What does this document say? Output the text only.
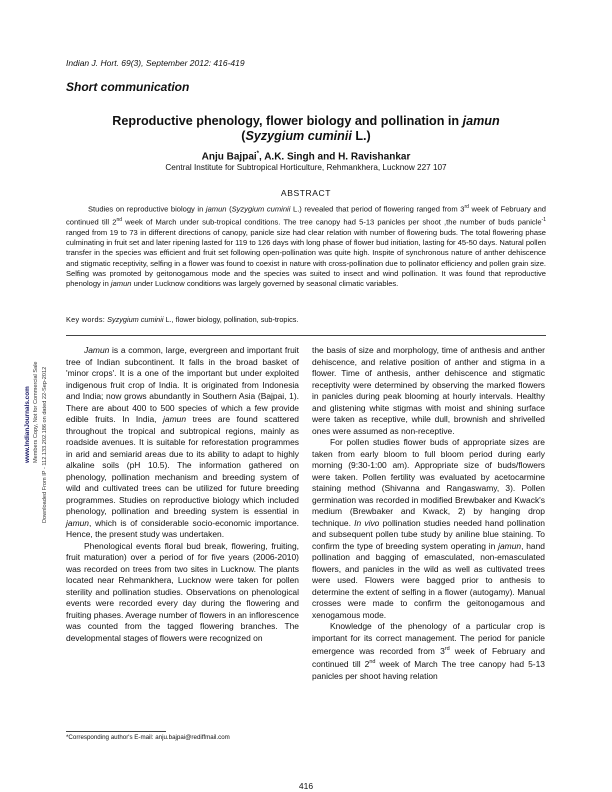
Indian J. Hort. 69(3), September 2012: 416-419
Short communication
Reproductive phenology, flower biology and pollination in jamun
(Syzygium cuminii L.)
Anju Bajpai*, A.K. Singh and H. Ravishankar
Central Institute for Subtropical Horticulture, Rehmankhera, Lucknow 227 107
ABSTRACT

Studies on reproductive biology in jamun (Syzygium cuminii L.) revealed that period of flowering ranged from 3rd week of February and continued till 2nd week of March under sub-tropical conditions. The tree canopy had 5-13 panicles per shoot ,the number of buds panicle$^{-1}$ ranged from 19 to 73 in different directions of canopy, panicle size had clear relation with number of flowering buds. The total flowering phase culminating in fruit set and later ripening lasted for 119 to 126 days with long phase of flower bud initiation, lasting for 45-50 days. Natural pollen transfer in the species was efficient and fruit set following open-pollination was quite high. Inspite of synchronous nature of anther dehiscence and stigmatic receptivity, selfing in a flower was found to coexist in nature with cross-pollination due to pollinator efficiency and pollen grain size. Selfing was promoted by geitonogamous mode and the species was suited to insect and wind pollination. It was found that reproductive phenology in jamun under Lucknow conditions was largely governed by seasonal climatic variables.

Key words: Syzygium cuminii L., flower biology, pollination, sub-tropics.

Jamun is a common, large, evergreen and important fruit tree of Indian subcontinent. It falls in the broad basket of 'minor crops'. It is a one of the important but under exploited indigenous fruit crop of India. It is originated from Indonesia and India; now grows abundantly in Southern Asia (Bajpai, 1). There are about 400 to 500 species of which a few provide edible fruits. In India, jamun trees are found scattered throughout the tropical and subtropical regions, mainly as roadside avenues. It is suitable for reforestation programmes in arid and semiarid areas due to its ability to adapt to highly alkaline soils (pH 10.5). The information gathered on phenology, pollination mechanism and breeding system of wild and cultivated trees can be utilized for future breeding programmes. Studies on reproductive biology which included phenology, pollination and breeding system is essential in jamun, which is of considerable socio-economic importance. Hence, the present study was undertaken.

Phenological events floral bud break, flowering, fruiting, fruit maturation) over a period of for five years (2006-2010) was recorded on trees from two sites in Lucknow. The plants located near Rehmankhera, Lucknow were taken for pollen sterility and pollination studies. Observations on phenological events were recorded every day during the flowering and fruiting phases. Average number of flowers in an inflorescence was counted from the tagged flowering branches. The developmental stages of flowers were recognized on

the basis of size and morphology, time of anthesis and anther dehiscence, and relative position of anther and stigma in a flower. Time of anthesis, anther dehiscence and stigmatic receptivity were determined by observing the marked flowers in panicles during peak blooming at hourly intervals. Healthy and glistening white stigmas with moist and shining surface were taken as receptive, while dull, brownish and shrivelled ones were assumed as non-receptive.

For pollen studies flower buds of appropriate sizes are taken from early bloom to full bloom period during early morning (9:30-1:00 am). Appropriate size of buds/flowers were taken. Pollen fertility was evaluated by acetocarmine staining method (Shivanna and Rangaswamy, 3). Pollen germination was recorded in modified Brewbaker and Kwack's medium (Brewbaker and Kwack, 2) by hanging drop technique. In vivo pollination studies needed hand pollination and subsequent pollen tube study by aniline blue staining. To confirm the type of breeding system operating in jamun, hand pollination and bagging of emasculated, non-emasculated flowers, and panicles in the wild as well as cultivated trees were used. Flowers were bagged prior to anthesis to determine the extent of selfing in a flower (autogamy). Manual crosses were made to confirm the geitonogamous and xenogamous mode.

Knowledge of the phenology of a particular crop is important for its correct management. The period for panicle emergence was recorded from 3rd week of February and continued till 2nd week of March The tree canopy had 5-13 panicles per shoot having relation

*Corresponding author's E-mail: anju.bajpai@rediffmail.com
416
www.IndianJournals.com Members Copy, Not for Commercial Sale Downloaded From IP - 112.133.202.186 on dated 22-Sep-2012
